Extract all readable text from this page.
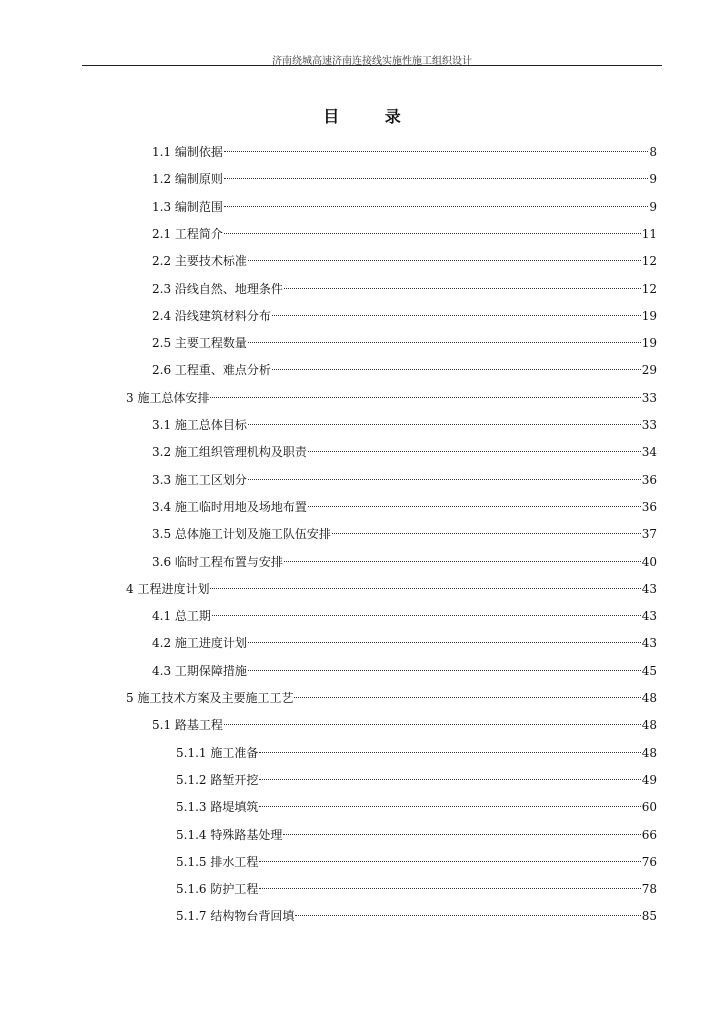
济南绕城高速济南连接线实施性施工组织设计
目 录
1.1 编制依据	8
1.2 编制原则	9
1.3 编制范围	9
2.1 工程简介	11
2.2 主要技术标准	12
2.3 沿线自然、地理条件	12
2.4 沿线建筑材料分布	19
2.5 主要工程数量	19
2.6 工程重、难点分析	29
3 施工总体安排	33
3.1 施工总体目标	33
3.2 施工组织管理机构及职责	34
3.3 施工工区划分	36
3.4 施工临时用地及场地布置	36
3.5 总体施工计划及施工队伍安排	37
3.6 临时工程布置与安排	40
4 工程进度计划	43
4.1 总工期	43
4.2 施工进度计划	43
4.3 工期保障措施	45
5 施工技术方案及主要施工工艺	48
5.1 路基工程	48
5.1.1 施工准备	48
5.1.2 路堑开挖	49
5.1.3 路堤填筑	60
5.1.4 特殊路基处理	66
5.1.5 排水工程	76
5.1.6 防护工程	78
5.1.7 结构物台背回填	85
